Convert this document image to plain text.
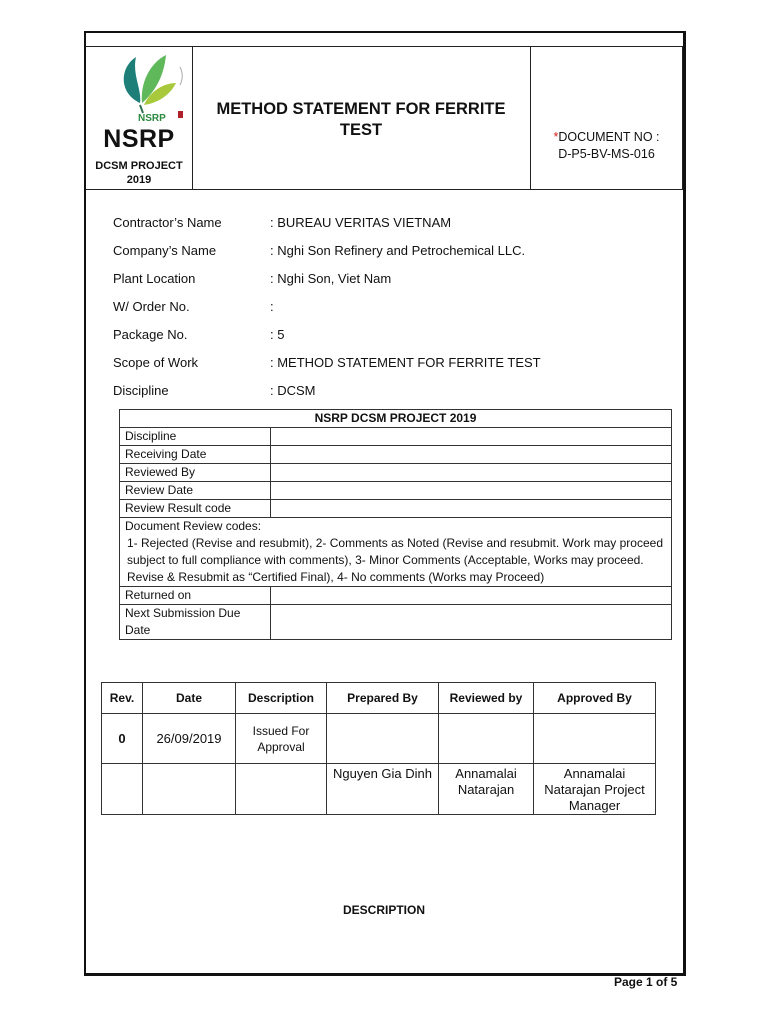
NSRP
NSRP
DCSM PROJECT
2019
METHOD STATEMENT FOR FERRITE
TEST	*DOCUMENT NO :
D-P5-BV-MS-016
Contractor’s Name	: BUREAU VERITAS VIETNAM
Company’s Name	: Nghi Son Refinery and Petrochemical LLC.
Plant Location	: Nghi Son, Viet Nam
W/ Order No.	:
Package No.	: 5
Scope of Work	: METHOD STATEMENT FOR FERRITE TEST
Discipline	: DCSM
NSRP DCSM PROJECT 2019	
Discipline	
Receiving Date	
Reviewed By	
Review Date	
Review Result code	

Document Review codes:
1- Rejected (Revise and resubmit), 2- Comments as Noted (Revise and resubmit. Work may proceed subject to full compliance with comments), 3- Minor Comments (Acceptable, Works may proceed. Revise & Resubmit as “Certified Final), 4- No comments (Works may Proceed)	

Returned on	
Next Submission Due Date	
Rev.	Date	Description	Prepared By	Reviewed by	Approved By
0	26/09/2019	Issued For Approval			
			Nguyen Gia Dinh	Annamalai Natarajan	Annamalai Natarajan Project Manager
DESCRIPTION
Page 1 of 5
